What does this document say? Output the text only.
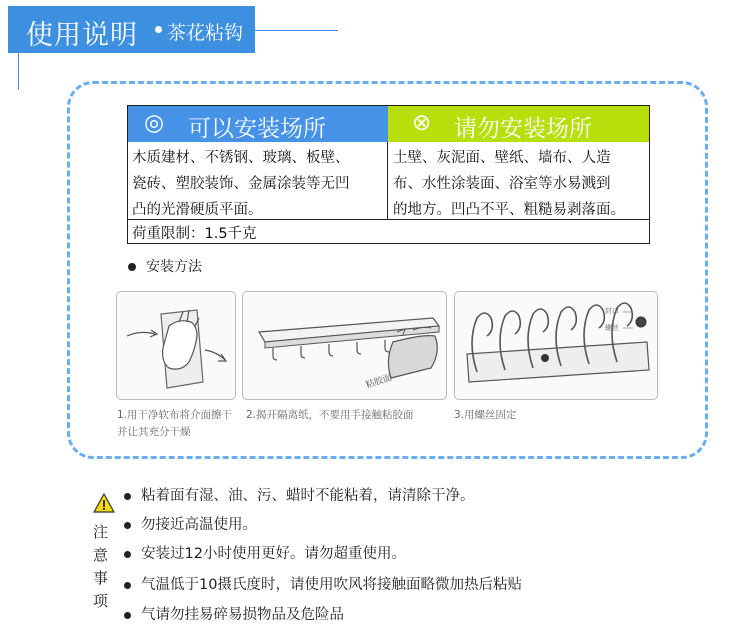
使用说明 茶花粘钩
◎ 可以安装场所	⊗ 请勿安装场所
木质建材、不锈钢、玻璃、板壁、
瓷砖、塑胶装饰、金属涂装等无凹
凸的光滑硬质平面。
土壁、灰泥面、壁纸、墙布、人造
布、水性涂装面、浴室等水易溅到
的地方。凹凸不平、粗糙易剥落面。
荷重限制：1.5千克
安装方法
1.用干净软布将介面擦干
并让其充分干燥
粘胶面
2.揭开隔离纸，不要用手接触粘胶面
封口
螺丝
3.用螺丝固定
注意事项
粘着面有湿、油、污、蜡时不能粘着，请清除干净。
勿接近高温使用。
安装过12小时使用更好。请勿超重使用。
气温低于10摄氏度时，请使用吹风将接触面略微加热后粘贴
气请勿挂易碎易损物品及危险品
